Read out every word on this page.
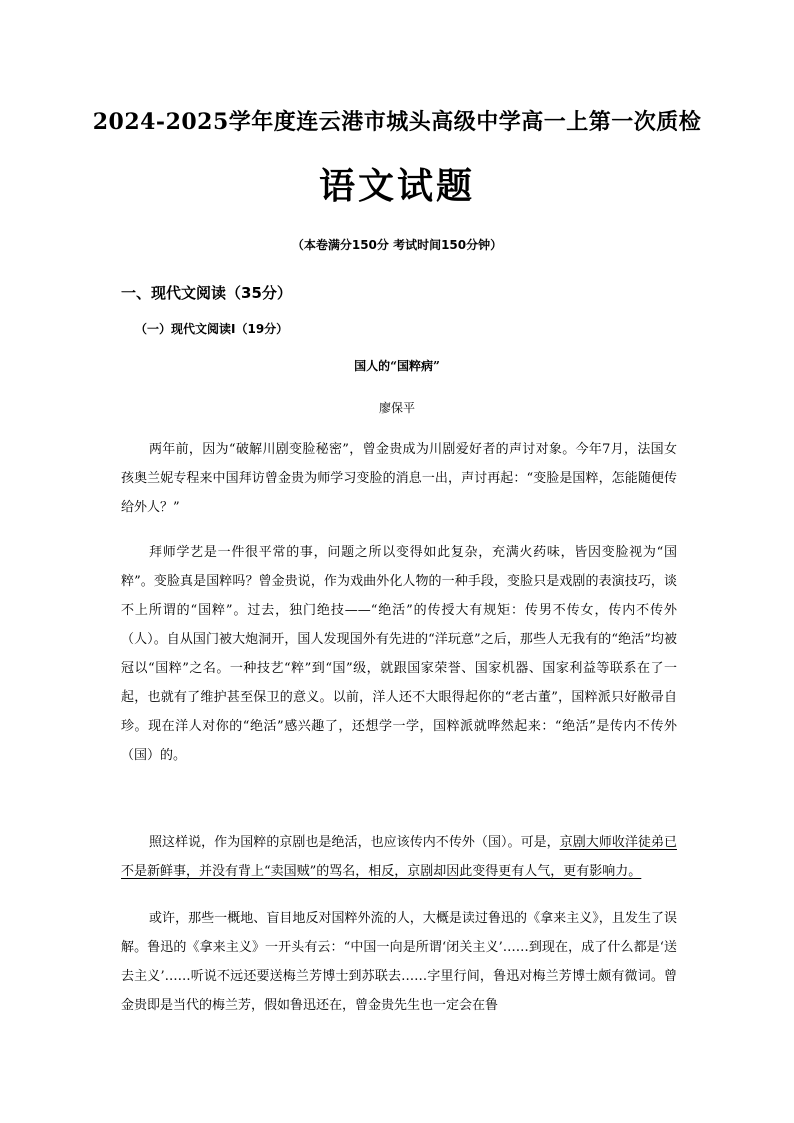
2024-2025学年度连云港市城头高级中学高一上第一次质检
语文试题
（本卷满分150分 考试时间150分钟）
一、现代文阅读（35分）
（一）现代文阅读Ⅰ（19分）
国人的“国粹病”
廖保平

两年前，因为“破解川剧变脸秘密”，曾金贵成为川剧爱好者的声讨对象。今年7月，法国女孩奥兰妮专程来中国拜访曾金贵为师学习变脸的消息一出，声讨再起：“变脸是国粹，怎能随便传给外人？”

拜师学艺是一件很平常的事，问题之所以变得如此复杂，充满火药味，皆因变脸视为“国粹”。变脸真是国粹吗？曾金贵说，作为戏曲外化人物的一种手段，变脸只是戏剧的表演技巧，谈不上所谓的“国粹”。过去，独门绝技——“绝活”的传授大有规矩：传男不传女，传内不传外（人）。自从国门被大炮洞开，国人发现国外有先进的“洋玩意”之后，那些人无我有的“绝活”均被冠以“国粹”之名。一种技艺“粹”到“国”级，就跟国家荣誉、国家机器、国家利益等联系在了一起，也就有了维护甚至保卫的意义。以前，洋人还不大眼得起你的“老古董”，国粹派只好敝帚自珍。现在洋人对你的“绝活”感兴趣了，还想学一学，国粹派就哗然起来：“绝活”是传内不传外（国）的。

照这样说，作为国粹的京剧也是绝活，也应该传内不传外（国）。可是，京剧大师收洋徒弟已不是新鲜事，并没有背上“卖国贼”的骂名，相反，京剧却因此变得更有人气，更有影响力。

或许，那些一概地、盲目地反对国粹外流的人，大概是读过鲁迅的《拿来主义》，且发生了误解。鲁迅的《拿来主义》一开头有云：“中国一向是所谓‘闭关主义’……到现在，成了什么都是‘送去主义’……听说不远还要送梅兰芳博士到苏联去……字里行间，鲁迅对梅兰芳博士颇有微词。曾金贵即是当代的梅兰芳，假如鲁迅还在，曾金贵先生也一定会在鲁
